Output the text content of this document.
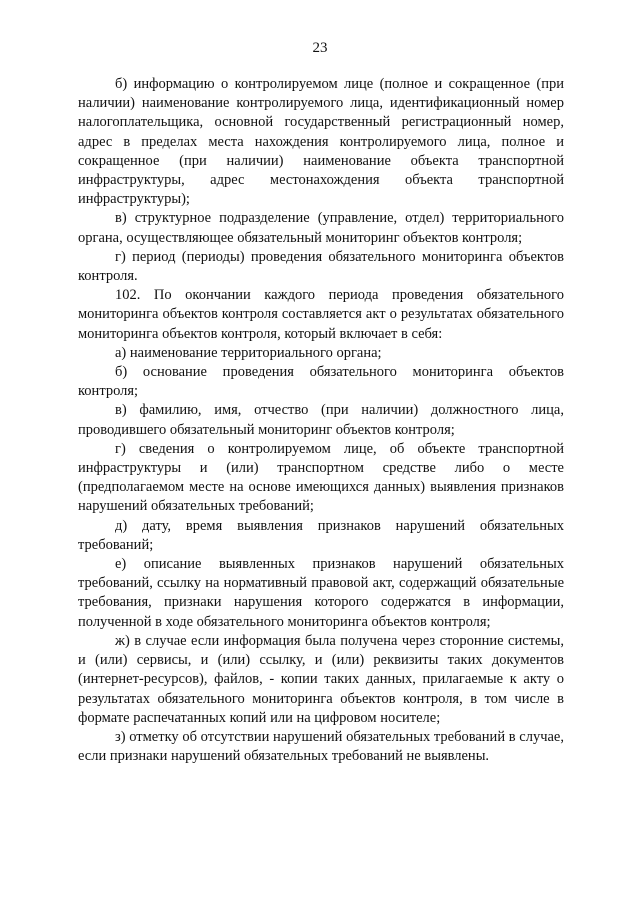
23

б) информацию о контролируемом лице (полное и сокращенное (при наличии) наименование контролируемого лица, идентификационный номер налогоплательщика, основной государственный регистрационный номер, адрес в пределах места нахождения контролируемого лица, полное и сокращенное (при наличии) наименование объекта транспортной инфраструктуры, адрес местонахождения объекта транспортной инфраструктуры);

в) структурное подразделение (управление, отдел) территориального органа, осуществляющее обязательный мониторинг объектов контроля;

г) период (периоды) проведения обязательного мониторинга объектов контроля.

102. По окончании каждого периода проведения обязательного мониторинга объектов контроля составляется акт о результатах обязательного мониторинга объектов контроля, который включает в себя:

а) наименование территориального органа;

б) основание проведения обязательного мониторинга объектов контроля;

в) фамилию, имя, отчество (при наличии) должностного лица, проводившего обязательный мониторинг объектов контроля;

г) сведения о контролируемом лице, об объекте транспортной инфраструктуры и (или) транспортном средстве либо о месте (предполагаемом месте на основе имеющихся данных) выявления признаков нарушений обязательных требований;

д) дату, время выявления признаков нарушений обязательных требований;

е) описание выявленных признаков нарушений обязательных требований, ссылку на нормативный правовой акт, содержащий обязательные требования, признаки нарушения которого содержатся в информации, полученной в ходе обязательного мониторинга объектов контроля;

ж) в случае если информация была получена через сторонние системы, и (или) сервисы, и (или) ссылку, и (или) реквизиты таких документов (интернет-ресурсов), файлов, - копии таких данных, прилагаемые к акту о результатах обязательного мониторинга объектов контроля, в том числе в формате распечатанных копий или на цифровом носителе;

з) отметку об отсутствии нарушений обязательных требований в случае, если признаки нарушений обязательных требований не выявлены.
